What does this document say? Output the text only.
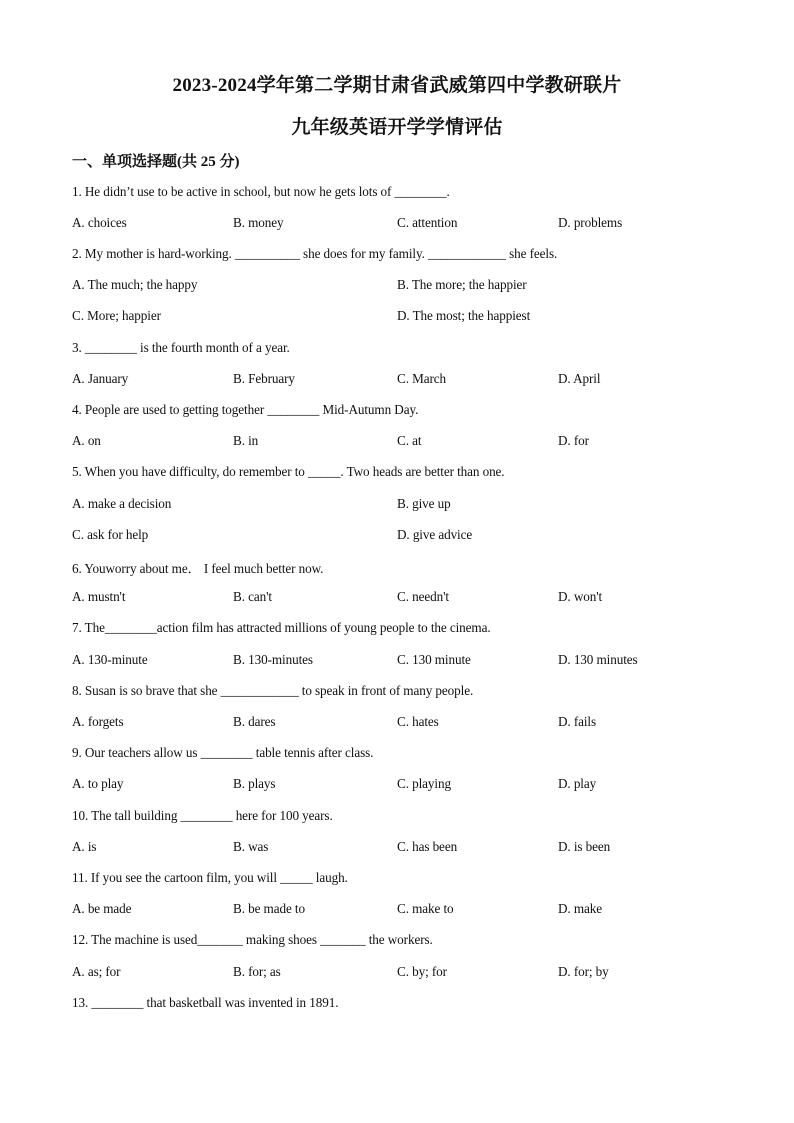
2023-2024学年第二学期甘肃省武威第四中学教研联片
九年级英语开学学情评估
一、单项选择题(共 25 分)
1. He didn’t use to be active in school, but now he gets lots of ________.
A. choices	B. money	C. attention	D. problems
2. My mother is hard-working. __________ she does for my family. ____________ she feels.
A. The much; the happy	B. The more; the happier
C. More; happier	D. The most; the happiest
3. ________ is the fourth month of a year.
A. January	B. February	C. March	D. April
4. People are used to getting together ________ Mid-Autumn Day.
A. on	B. in	C. at	D. for
5. When you have difficulty, do remember to _____. Two heads are better than one.
A. make a decision	B. give up
C. ask for help	D. give advice
6. Youworry about me． I feel much better now.
A. mustn't	B. can't	C. needn't	D. won't
7. The________action film has attracted millions of young people to the cinema.
A. 130-minute	B. 130-minutes	C. 130 minute	D. 130 minutes
8. Susan is so brave that she ____________ to speak in front of many people.
A. forgets	B. dares	C. hates	D. fails
9. Our teachers allow us ________ table tennis after class.
A. to play	B. plays	C. playing	D. play
10. The tall building ________ here for 100 years.
A. is	B. was	C. has been	D. is been
11. If you see the cartoon film, you will _____ laugh.
A. be made	B. be made to	C. make to	D. make
12. The machine is used_______ making shoes _______ the workers.
A. as; for	B. for; as	C. by; for	D. for; by
13. ________ that basketball was invented in 1891.
